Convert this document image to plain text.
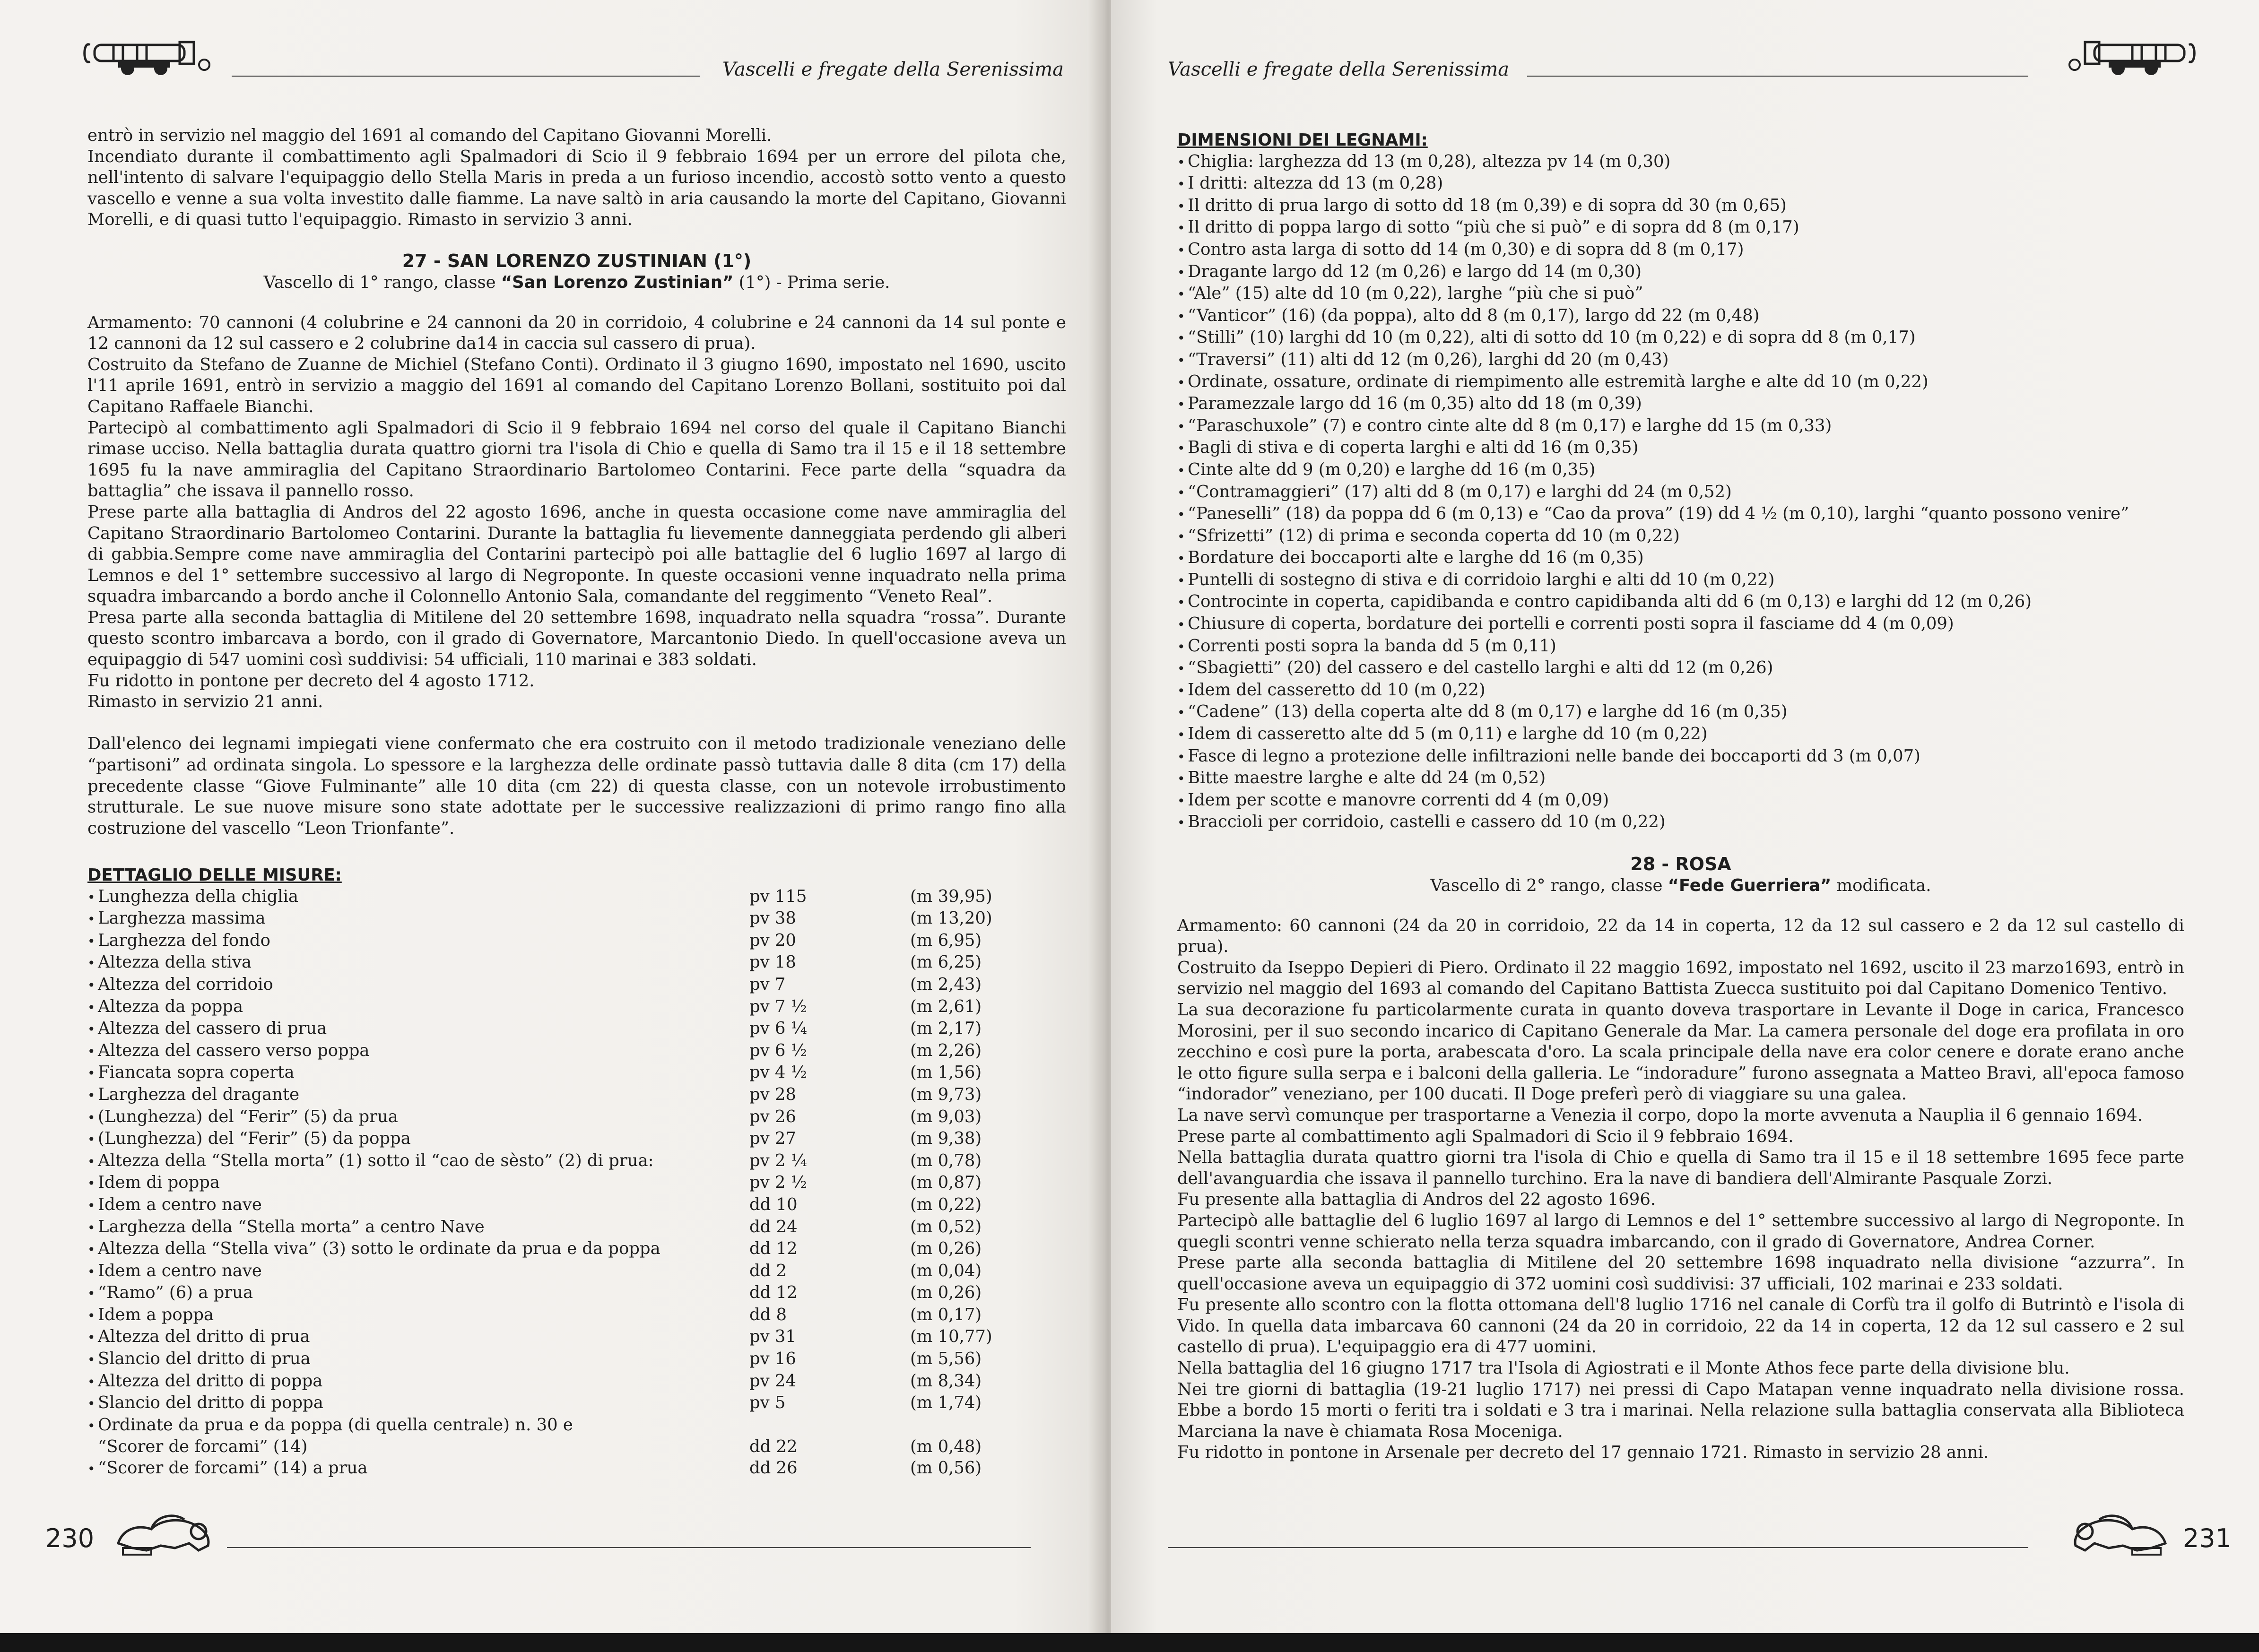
Vascelli e fregate della Serenissima

entrò in servizio nel maggio del 1691 al comando del Capitano Giovanni Morelli.

Incendiato durante il combattimento agli Spalmadori di Scio il 9 febbraio 1694 per un errore del pilota che, nell'intento di salvare l'equipaggio dello Stella Maris in preda a un furioso incendio, accostò sotto vento a questo vascello e venne a sua volta investito dalle fiamme. La nave saltò in aria causando la morte del Capitano, Giovanni Morelli, e di quasi tutto l'equipaggio. Rimasto in servizio 3 anni.

27 - SAN LORENZO ZUSTINIAN (1°)
Vascello di 1° rango, classe “San Lorenzo Zustinian” (1°) - Prima serie.

Armamento: 70 cannoni (4 colubrine e 24 cannoni da 20 in corridoio, 4 colubrine e 24 cannoni da 14 sul ponte e 12 cannoni da 12 sul cassero e 2 colubrine da14 in caccia sul cassero di prua).

Costruito da Stefano de Zuanne de Michiel (Stefano Conti). Ordinato il 3 giugno 1690, impostato nel 1690, uscito l'11 aprile 1691, entrò in servizio a maggio del 1691 al comando del Capitano Lorenzo Bollani, sostituito poi dal Capitano Raffaele Bianchi.

Partecipò al combattimento agli Spalmadori di Scio il 9 febbraio 1694 nel corso del quale il Capitano Bianchi rimase ucciso. Nella battaglia durata quattro giorni tra l'isola di Chio e quella di Samo tra il 15 e il 18 settembre 1695 fu la nave ammiraglia del Capitano Straordinario Bartolomeo Contarini. Fece parte della “squadra da battaglia” che issava il pannello rosso.

Prese parte alla battaglia di Andros del 22 agosto 1696, anche in questa occasione come nave ammiraglia del Capitano Straordinario Bartolomeo Contarini. Durante la battaglia fu lievemente danneggiata perdendo gli alberi di gabbia.Sempre come nave ammiraglia del Contarini partecipò poi alle battaglie del 6 luglio 1697 al largo di Lemnos e del 1° settembre successivo al largo di Negroponte. In queste occasioni venne inquadrato nella prima squadra imbarcando a bordo anche il Colonnello Antonio Sala, comandante del reggimento “Veneto Real”.

Presa parte alla seconda battaglia di Mitilene del 20 settembre 1698, inquadrato nella squadra “rossa”. Durante questo scontro imbarcava a bordo, con il grado di Governatore, Marcantonio Diedo. In quell'occasione aveva un equipaggio di 547 uomini così suddivisi: 54 ufficiali, 110 marinai e 383 soldati.

Fu ridotto in pontone per decreto del 4 agosto 1712.

Rimasto in servizio 21 anni.

Dall'elenco dei legnami impiegati viene confermato che era costruito con il metodo tradizionale veneziano delle “partisoni” ad ordinata singola. Lo spessore e la larghezza delle ordinate passò tuttavia dalle 8 dita (cm 17) della precedente classe “Giove Fulminante” alle 10 dita (cm 22) di questa classe, con un notevole irrobustimento strutturale. Le sue nuove misure sono state adottate per le successive realizzazioni di primo rango fino alla costruzione del vascello “Leon Trionfante”.

DETTAGLIO DELLE MISURE:
• Lunghezza della chiglia	pv 115	(m 39,95)
• Larghezza massima	pv 38	(m 13,20)
• Larghezza del fondo	pv 20	(m 6,95)
• Altezza della stiva	pv 18	(m 6,25)
• Altezza del corridoio	pv 7	(m 2,43)
• Altezza da poppa	pv 7 ½	(m 2,61)
• Altezza del cassero di prua	pv 6 ¼	(m 2,17)
• Altezza del cassero verso poppa	pv 6 ½	(m 2,26)
• Fiancata sopra coperta	pv 4 ½	(m 1,56)
• Larghezza del dragante	pv 28	(m 9,73)
• (Lunghezza) del “Ferir” (5) da prua	pv 26	(m 9,03)
• (Lunghezza) del “Ferir” (5) da poppa	pv 27	(m 9,38)
• Altezza della “Stella morta” (1) sotto il “cao de sèsto” (2) di prua:	pv 2 ¼	(m 0,78)
• Idem di poppa	pv 2 ½	(m 0,87)
• Idem a centro nave	dd 10	(m 0,22)
• Larghezza della “Stella morta” a centro Nave	dd 24	(m 0,52)
• Altezza della “Stella viva” (3) sotto le ordinate da prua e da poppa	dd 12	(m 0,26)
• Idem a centro nave	dd 2	(m 0,04)
• “Ramo” (6) a prua	dd 12	(m 0,26)
• Idem a poppa	dd 8	(m 0,17)
• Altezza del dritto di prua	pv 31	(m 10,77)
• Slancio del dritto di prua	pv 16	(m 5,56)
• Altezza del dritto di poppa	pv 24	(m 8,34)
• Slancio del dritto di poppa	pv 5	(m 1,74)
• Ordinate da prua e da poppa (di quella centrale) n. 30 e
“Scorer de forcami” (14)	dd 22	(m 0,48)
• “Scorer de forcami” (14) a prua	dd 26	(m 0,56)
230
Vascelli e fregate della Serenissima
DIMENSIONI DEI LEGNAMI:
• Chiglia: larghezza dd 13 (m 0,28), altezza pv 14 (m 0,30)
• I dritti: altezza dd 13 (m 0,28)
• Il dritto di prua largo di sotto dd 18 (m 0,39) e di sopra dd 30 (m 0,65)
• Il dritto di poppa largo di sotto “più che si può” e di sopra dd 8 (m 0,17)
• Contro asta larga di sotto dd 14 (m 0,30) e di sopra dd 8 (m 0,17)
• Dragante largo dd 12 (m 0,26) e largo dd 14 (m 0,30)
• “Ale” (15) alte dd 10 (m 0,22), larghe “più che si può”
• “Vanticor” (16) (da poppa), alto dd 8 (m 0,17), largo dd 22 (m 0,48)
• “Stilli” (10) larghi dd 10 (m 0,22), alti di sotto dd 10 (m 0,22) e di sopra dd 8 (m 0,17)
• “Traversi” (11) alti dd 12 (m 0,26), larghi dd 20 (m 0,43)
• Ordinate, ossature, ordinate di riempimento alle estremità larghe e alte dd 10 (m 0,22)
• Paramezzale largo dd 16 (m 0,35) alto dd 18 (m 0,39)
• “Paraschuxole” (7) e contro cinte alte dd 8 (m 0,17) e larghe dd 15 (m 0,33)
• Bagli di stiva e di coperta larghi e alti dd 16 (m 0,35)
• Cinte alte dd 9 (m 0,20) e larghe dd 16 (m 0,35)
• “Contramaggieri” (17) alti dd 8 (m 0,17) e larghi dd 24 (m 0,52)
• “Paneselli” (18) da poppa dd 6 (m 0,13) e “Cao da prova” (19) dd 4 ½ (m 0,10), larghi “quanto possono venire”
• “Sfrizetti” (12) di prima e seconda coperta dd 10 (m 0,22)
• Bordature dei boccaporti alte e larghe dd 16 (m 0,35)
• Puntelli di sostegno di stiva e di corridoio larghi e alti dd 10 (m 0,22)
• Controcinte in coperta, capidibanda e contro capidibanda alti dd 6 (m 0,13) e larghi dd 12 (m 0,26)
• Chiusure di coperta, bordature dei portelli e correnti posti sopra il fasciame dd 4 (m 0,09)
• Correnti posti sopra la banda dd 5 (m 0,11)
• “Sbagietti” (20) del cassero e del castello larghi e alti dd 12 (m 0,26)
• Idem del casseretto dd 10 (m 0,22)
• “Cadene” (13) della coperta alte dd 8 (m 0,17) e larghe dd 16 (m 0,35)
• Idem di casseretto alte dd 5 (m 0,11) e larghe dd 10 (m 0,22)
• Fasce di legno a protezione delle infiltrazioni nelle bande dei boccaporti dd 3 (m 0,07)
• Bitte maestre larghe e alte dd 24 (m 0,52)
• Idem per scotte e manovre correnti dd 4 (m 0,09)
• Braccioli per corridoio, castelli e cassero dd 10 (m 0,22)
28 - ROSA
Vascello di 2° rango, classe “Fede Guerriera” modificata.

Armamento: 60 cannoni (24 da 20 in corridoio, 22 da 14 in coperta, 12 da 12 sul cassero e 2 da 12 sul castello di prua).

Costruito da Iseppo Depieri di Piero. Ordinato il 22 maggio 1692, impostato nel 1692, uscito il 23 marzo1693, entrò in servizio nel maggio del 1693 al comando del Capitano Battista Zuecca sustituito poi dal Capitano Domenico Tentivo.

La sua decorazione fu particolarmente curata in quanto doveva trasportare in Levante il Doge in carica, Francesco Morosini, per il suo secondo incarico di Capitano Generale da Mar. La camera personale del doge era profilata in oro zecchino e così pure la porta, arabescata d'oro. La scala principale della nave era color cenere e dorate erano anche le otto figure sulla serpa e i balconi della galleria. Le “indoradure” furono assegnata a Matteo Bravi, all'epoca famoso “indorador” veneziano, per 100 ducati. Il Doge preferì però di viaggiare su una galea.

La nave servì comunque per trasportarne a Venezia il corpo, dopo la morte avvenuta a Nauplia il 6 gennaio 1694.

Prese parte al combattimento agli Spalmadori di Scio il 9 febbraio 1694.

Nella battaglia durata quattro giorni tra l'isola di Chio e quella di Samo tra il 15 e il 18 settembre 1695 fece parte dell'avanguardia che issava il pannello turchino. Era la nave di bandiera dell'Almirante Pasquale Zorzi.

Fu presente alla battaglia di Andros del 22 agosto 1696.

Partecipò alle battaglie del 6 luglio 1697 al largo di Lemnos e del 1° settembre successivo al largo di Negroponte. In quegli scontri venne schierato nella terza squadra imbarcando, con il grado di Governatore, Andrea Corner.

Prese parte alla seconda battaglia di Mitilene del 20 settembre 1698 inquadrato nella divisione “azzurra”. In quell'occasione aveva un equipaggio di 372 uomini così suddivisi: 37 ufficiali, 102 marinai e 233 soldati.

Fu presente allo scontro con la flotta ottomana dell'8 luglio 1716 nel canale di Corfù tra il golfo di Butrintò e l'isola di Vido. In quella data imbarcava 60 cannoni (24 da 20 in corridoio, 22 da 14 in coperta, 12 da 12 sul cassero e 2 sul castello di prua). L'equipaggio era di 477 uomini.

Nella battaglia del 16 giugno 1717 tra l'Isola di Agiostrati e il Monte Athos fece parte della divisione blu.

Nei tre giorni di battaglia (19-21 luglio 1717) nei pressi di Capo Matapan venne inquadrato nella divisione rossa. Ebbe a bordo 15 morti o feriti tra i soldati e 3 tra i marinai. Nella relazione sulla battaglia conservata alla Biblioteca Marciana la nave è chiamata Rosa Moceniga.

Fu ridotto in pontone in Arsenale per decreto del 17 gennaio 1721. Rimasto in servizio 28 anni.

231
